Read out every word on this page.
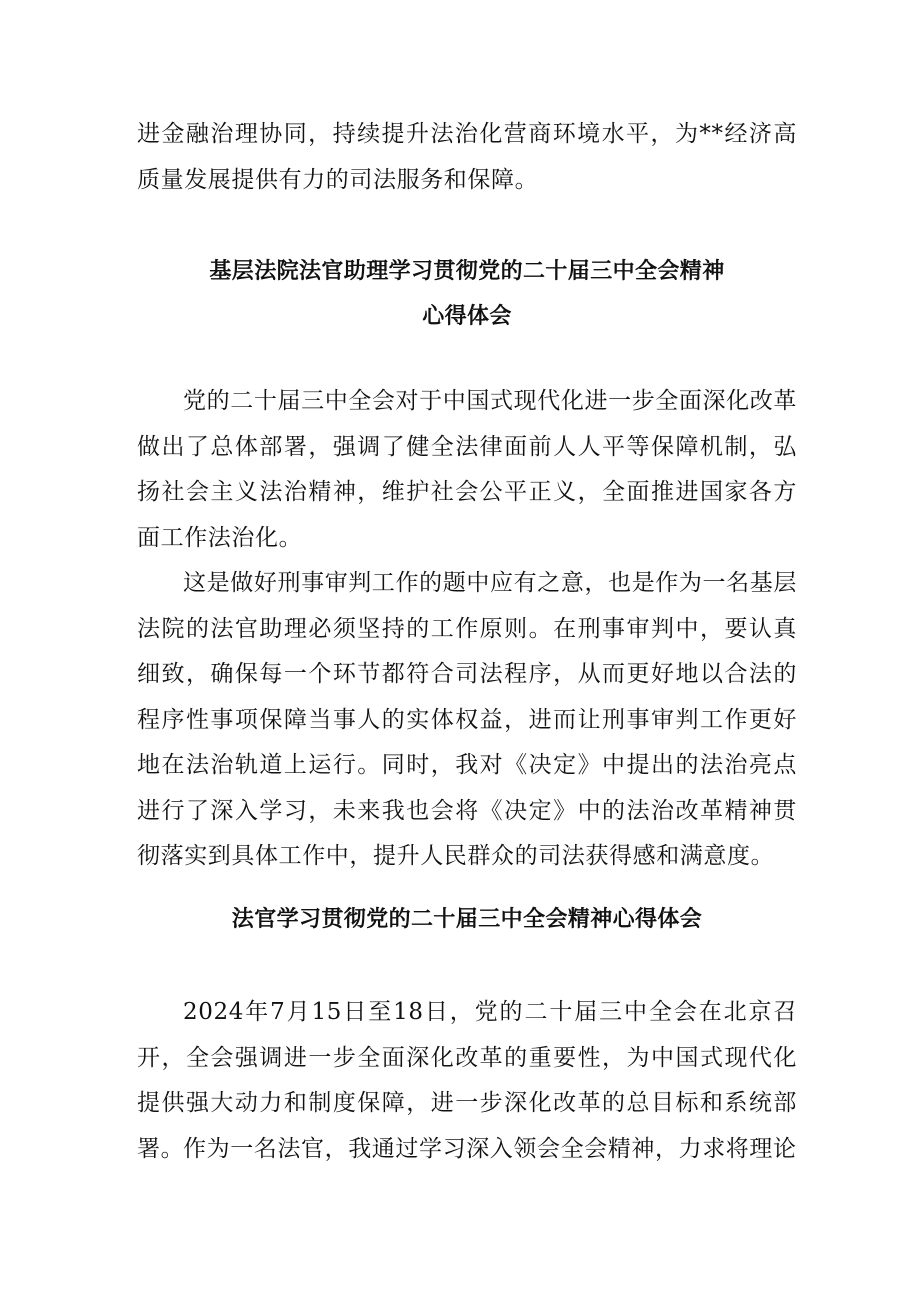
进金融治理协同，持续提升法治化营商环境水平，为**经济高质量发展提供有力的司法服务和保障。

基层法院法官助理学习贯彻党的二十届三中全会精神
心得体会

党的二十届三中全会对于中国式现代化进一步全面深化改革做出了总体部署，强调了健全法律面前人人平等保障机制，弘扬社会主义法治精神，维护社会公平正义，全面推进国家各方面工作法治化。

这是做好刑事审判工作的题中应有之意，也是作为一名基层法院的法官助理必须坚持的工作原则。在刑事审判中，要认真细致，确保每一个环节都符合司法程序，从而更好地以合法的程序性事项保障当事人的实体权益，进而让刑事审判工作更好地在法治轨道上运行。同时，我对《决定》中提出的法治亮点进行了深入学习，未来我也会将《决定》中的法治改革精神贯彻落实到具体工作中，提升人民群众的司法获得感和满意度。

法官学习贯彻党的二十届三中全会精神心得体会

2024年7月15日至18日，党的二十届三中全会在北京召开，全会强调进一步全面深化改革的重要性，为中国式现代化提供强大动力和制度保障，进一步深化改革的总目标和系统部署。

作为一名法官，我通过学习深入领会全会精神，力求将理论
